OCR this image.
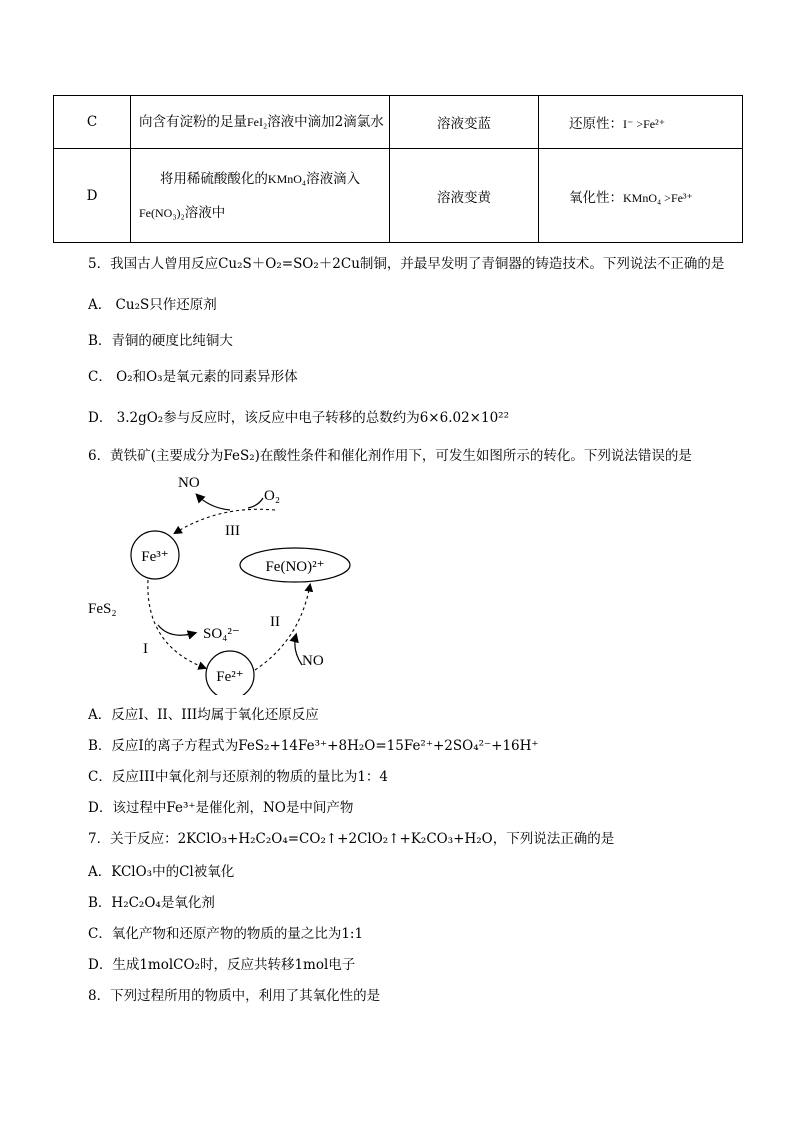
C	向含有淀粉的足量FeI₂溶液中滴加2滴氯水	溶液变蓝	还原性：I⁻ >Fe²⁺

D	将用稀硫酸酸化的KMnO₄溶液滴入
Fe(NO₃)₂溶液中	溶液变黄	氧化性：KMnO₄ >Fe³⁺
5．我国古人曾用反应Cu₂S＋O₂=SO₂＋2Cu制铜，并最早发明了青铜器的铸造技术。下列说法不正确的是
A． Cu₂S只作还原剂
B．青铜的硬度比纯铜大
C． O₂和O₃是氧元素的同素异形体
D． 3.2gO₂参与反应时，该反应中电子转移的总数约为6×6.02×10²²
6．黄铁矿(主要成分为FeS₂)在酸性条件和催化剂作用下，可发生如图所示的转化。下列说法错误的是
Fe³⁺
Fe²⁺
Fe(NO)²⁺
NO
O₂
III
FeS₂
SO₄²⁻
II
I
NO
A．反应I、II、III均属于氧化还原反应
B．反应I的离子方程式为FeS₂+14Fe³⁺+8H₂O=15Fe²⁺+2SO₄²⁻+16H⁺
C．反应III中氧化剂与还原剂的物质的量比为1：4
D．该过程中Fe³⁺是催化剂，NO是中间产物
7．关于反应：2KClO₃+H₂C₂O₄=CO₂↑+2ClO₂↑+K₂CO₃+H₂O，下列说法正确的是
A．KClO₃中的Cl被氧化
B．H₂C₂O₄是氧化剂
C．氧化产物和还原产物的物质的量之比为1:1
D．生成1molCO₂时，反应共转移1mol电子
8．下列过程所用的物质中，利用了其氧化性的是
